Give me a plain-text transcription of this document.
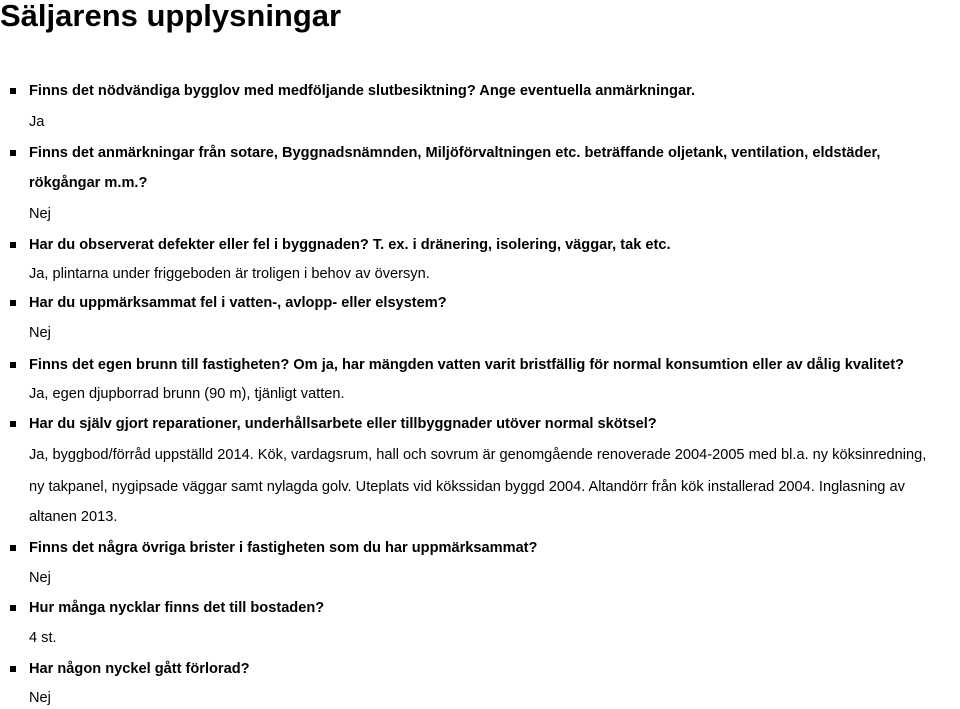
Säljarens upplysningar
Finns det nödvändiga bygglov med medföljande slutbesiktning? Ange eventuella anmärkningar.
Ja
Finns det anmärkningar från sotare, Byggnadsnämnden, Miljöförvaltningen etc. beträffande oljetank, ventilation, eldstäder,
rökgångar m.m.?
Nej
Har du observerat defekter eller fel i byggnaden? T. ex. i dränering, isolering, väggar, tak etc.
Ja, plintarna under friggeboden är troligen i behov av översyn.
Har du uppmärksammat fel i vatten-, avlopp- eller elsystem?
Nej
Finns det egen brunn till fastigheten? Om ja, har mängden vatten varit bristfällig för normal konsumtion eller av dålig kvalitet?
Ja, egen djupborrad brunn (90 m), tjänligt vatten.
Har du själv gjort reparationer, underhållsarbete eller tillbyggnader utöver normal skötsel?
Ja, byggbod/förråd uppställd 2014. Kök, vardagsrum, hall och sovrum är genomgående renoverade 2004-2005 med bl.a. ny köksinredning,
ny takpanel, nygipsade väggar samt nylagda golv. Uteplats vid kökssidan byggd 2004. Altandörr från kök installerad 2004. Inglasning av
altanen 2013.
Finns det några övriga brister i fastigheten som du har uppmärksammat?
Nej
Hur många nycklar finns det till bostaden?
4 st.
Har någon nyckel gått förlorad?
Nej
